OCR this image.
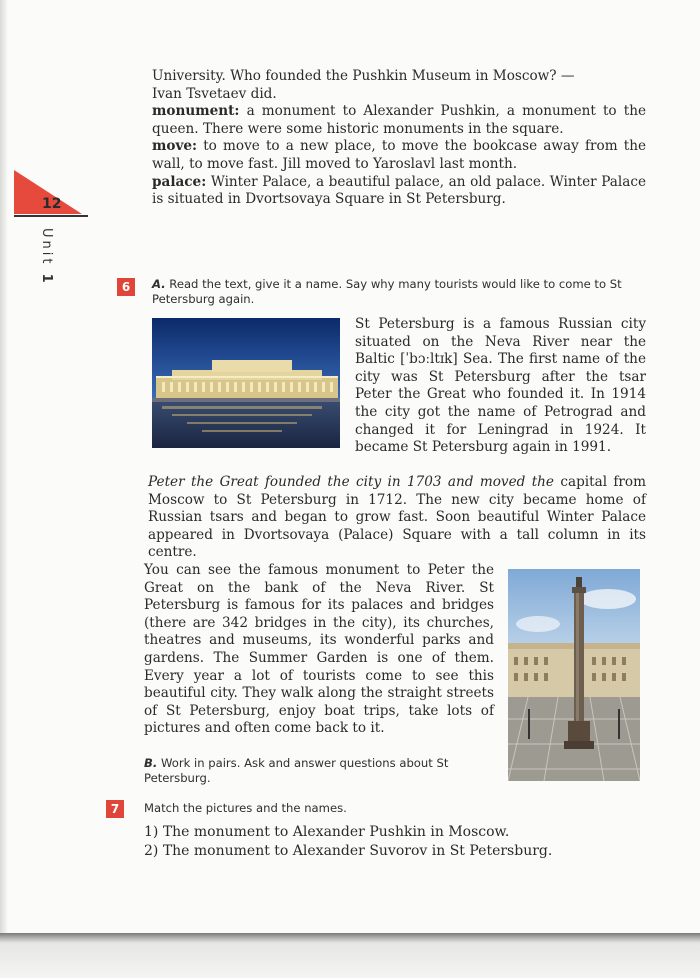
12
Unit 1

University. Who founded the Pushkin Museum in Moscow? —

Ivan Tsvetaev did.

monument: a monument to Alexander Pushkin, a monument to the queen. There were some historic monuments in the square.

move: to move to a new place, to move the bookcase away from the wall, to move fast. Jill moved to Yaroslavl last month.

palace: Winter Palace, a beautiful palace, an old palace. Winter Palace is situated in Dvortsovaya Square in St Petersburg.

6	A. Read the text, give it a name. Say why many tourists would like to come to St Petersburg again.
St Petersburg is a famous Russian city situated on the Neva River near the Baltic [ˈbɔːltɪk] Sea. The first name of the city was St Petersburg after the tsar Peter the Great who founded it. In 1914 the city got the name of Petrograd and changed it for Leningrad in 1924. It became St Petersburg again in 1991.
Peter the Great founded the city in 1703 and moved the capital from Moscow to St Petersburg in 1712. The new city became home of Russian tsars and began to grow fast. Soon beautiful Winter Palace appeared in Dvortsovaya (Palace) Square with a tall column in its centre.
You can see the famous monument to Peter the Great on the bank of the Neva River. St Petersburg is famous for its palaces and bridges (there are 342 bridges in the city), its churches, theatres and museums, its wonderful parks and gardens. The Summer Garden is one of them. Every year a lot of tourists come to see this beautiful city. They walk along the straight streets of St Petersburg, enjoy boat trips, take lots of pictures and often come back to it.
B. Work in pairs. Ask and answer questions about St Petersburg.
7	Match the pictures and the names.
1) The monument to Alexander Pushkin in Moscow.
2) The monument to Alexander Suvorov in St Petersburg.
